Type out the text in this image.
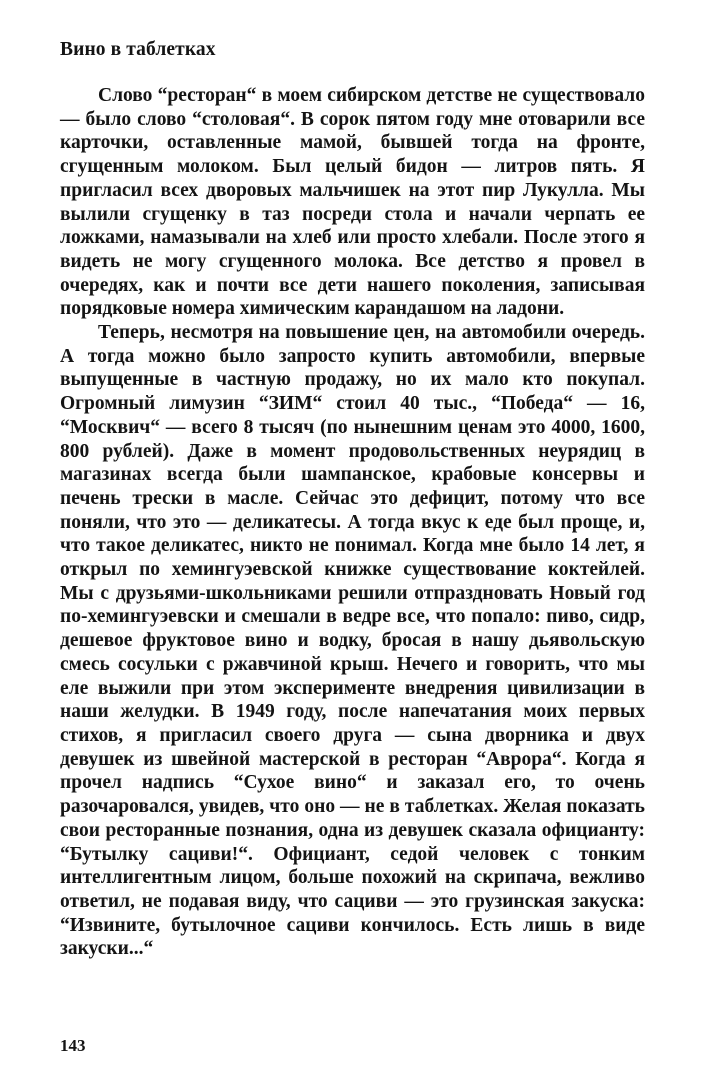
Вино в таблетках

Слово “ресторан“ в моем сибирском детстве не существовало — было слово “столовая“. В сорок пятом году мне отоварили все карточки, оставленные мамой, бывшей тогда на фронте, сгущенным молоком. Был целый бидон — литров пять. Я пригласил всех дворовых мальчишек на этот пир Лукулла. Мы вылили сгущенку в таз посреди стола и начали черпать ее ложками, намазывали на хлеб или просто хлебали. После этого я видеть не могу сгущенного молока. Все детство я провел в очередях, как и почти все дети нашего поколения, записывая порядковые номера химическим карандашом на ладони.

Теперь, несмотря на повышение цен, на автомобили очередь. А тогда можно было запросто купить автомобили, впервые выпущенные в частную продажу, но их мало кто покупал. Огромный лимузин “ЗИМ“ стоил 40 тыс., “Победа“ — 16, “Москвич“ — всего 8 тысяч (по нынешним ценам это 4000, 1600, 800 рублей). Даже в момент продовольственных неурядиц в магазинах всегда были шампанское, крабовые консервы и печень трески в масле. Сейчас это дефицит, потому что все поняли, что это — деликатесы. А тогда вкус к еде был проще, и, что такое деликатес, никто не понимал. Когда мне было 14 лет, я открыл по хемингуэевской книжке существование коктейлей. Мы с друзьями-школьниками решили отпраздновать Новый год по-хемингуэевски и смешали в ведре все, что попало: пиво, сидр, дешевое фруктовое вино и водку, бросая в нашу дьявольскую смесь сосульки с ржавчиной крыш. Нечего и говорить, что мы еле выжили при этом эксперименте внедрения цивилизации в наши желудки. В 1949 году, после напечатания моих первых стихов, я пригласил своего друга — сына дворника и двух девушек из швейной мастерской в ресторан “Аврора“. Когда я прочел надпись “Сухое вино“ и заказал его, то очень разочаровался, увидев, что оно — не в таблетках. Желая показать свои ресторанные познания, одна из девушек сказала официанту: “Бутылку сациви!“. Официант, седой человек с тонким интеллигентным лицом, больше похожий на скрипача, вежливо ответил, не подавая виду, что сациви — это грузинская закуска: “Извините, бутылочное сациви кончилось. Есть лишь в виде закуски...“

143
